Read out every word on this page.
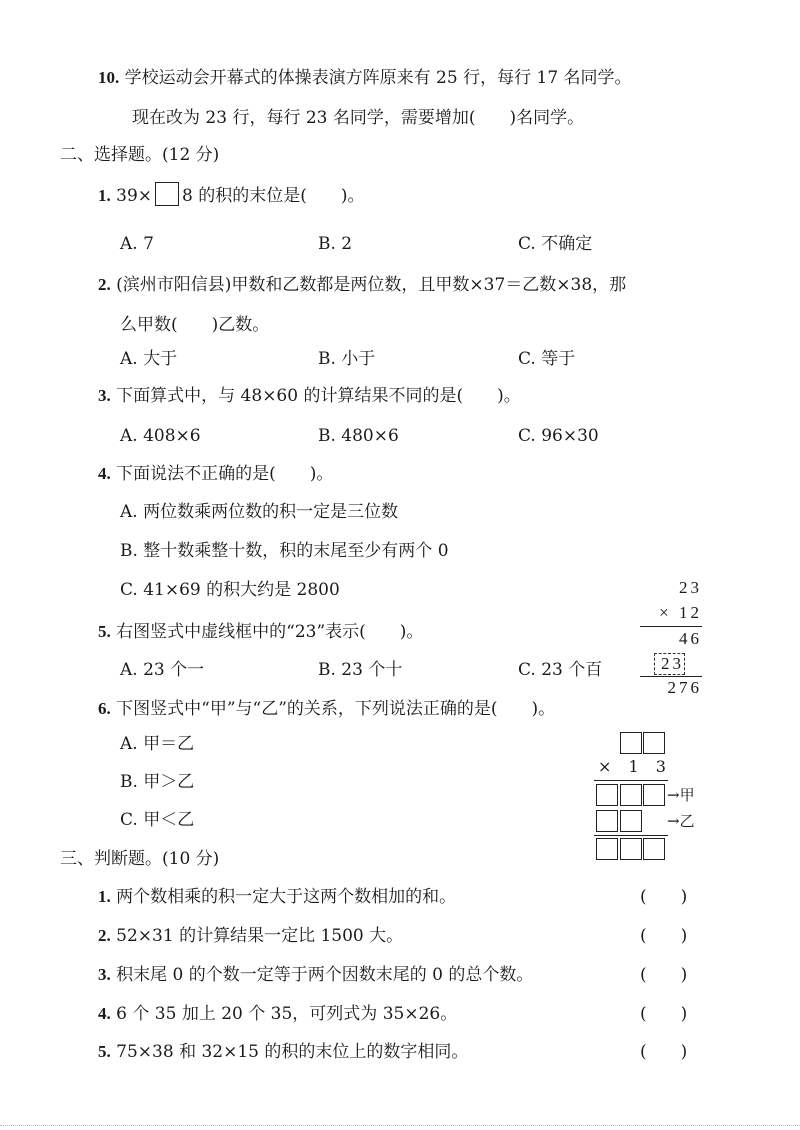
10. 学校运动会开幕式的体操表演方阵原来有 25 行，每行 17 名同学。
现在改为 23 行，每行 23 名同学，需要增加(　　)名同学。
二、选择题。(12 分)
1. 39× 8 的积的末位是(　　)。
A. 7	B. 2	C. 不确定
2. (滨州市阳信县)甲数和乙数都是两位数，且甲数×37＝乙数×38，那
么甲数(　　)乙数。
A. 大于	B. 小于	C. 等于
3. 下面算式中，与 48×60 的计算结果不同的是(　　)。
A. 408×6	B. 480×6	C. 96×30
4. 下面说法不正确的是(　　)。
A. 两位数乘两位数的积一定是三位数
B. 整十数乘整十数，积的末尾至少有两个 0
C. 41×69 的积大约是 2800	23
× 12
46
23
276
5. 右图竖式中虚线框中的“23”表示(　　)。
A. 23 个一	B. 23 个十	C. 23 个百
6. 下图竖式中“甲”与“乙”的关系，下列说法正确的是(　　)。
A. 甲＝乙
B. 甲＞乙
C. 甲＜乙
× 1 3
→甲
→乙
三、判断题。(10 分)
1. 两个数相乘的积一定大于这两个数相加的和。	(　　)
2. 52×31 的计算结果一定比 1500 大。	(　　)
3. 积末尾 0 的个数一定等于两个因数末尾的 0 的总个数。	(　　)
4. 6 个 35 加上 20 个 35，可列式为 35×26。	(　　)
5. 75×38 和 32×15 的积的末位上的数字相同。	(　　)
